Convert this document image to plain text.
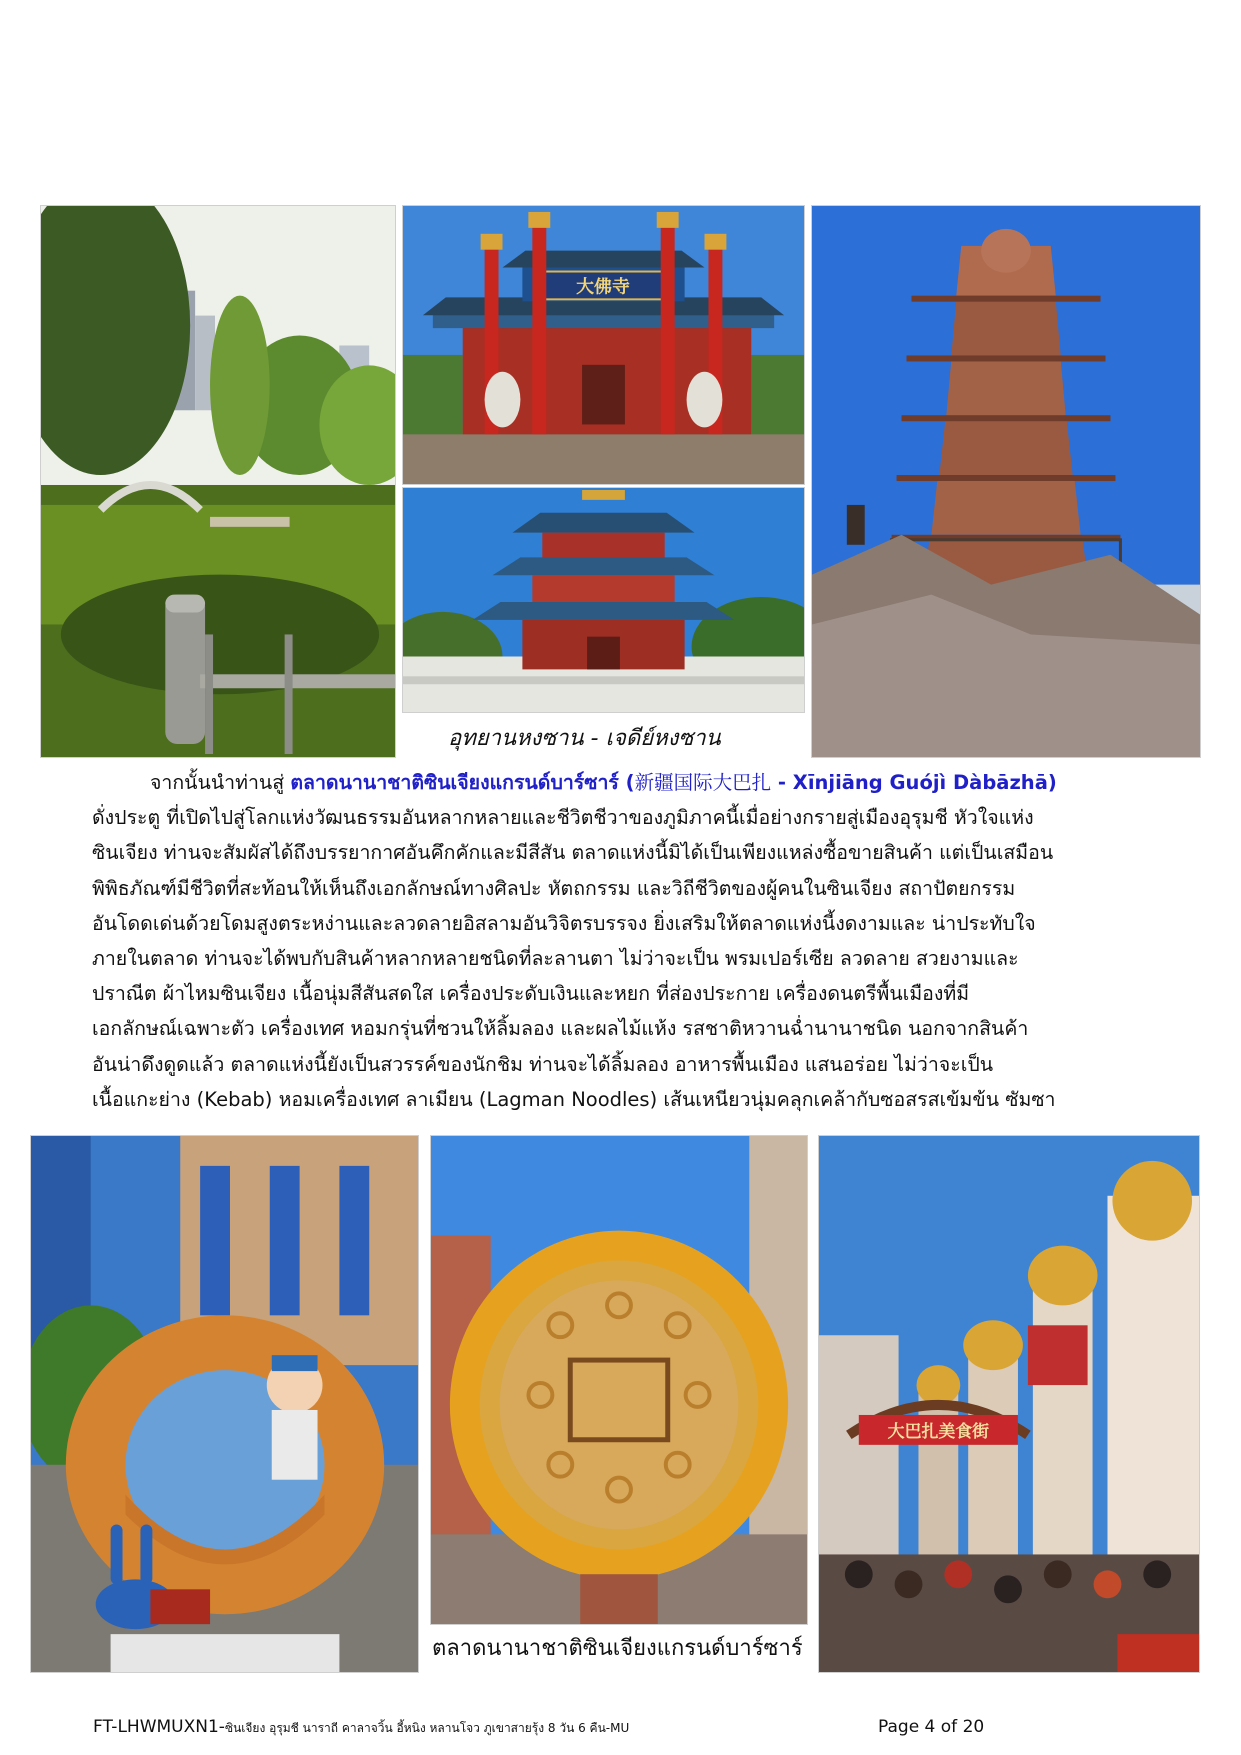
大佛寺
อุทยานหงซาน - เจดีย์หงซาน
จากนั้นนำท่านสู่ ตลาดนานาชาติซินเจียงแกรนด์บาร์ซาร์ (新疆国际大巴扎 - Xīnjiāng Guójì Dàbāzhā)
ดั่งประตู ที่เปิดไปสู่โลกแห่งวัฒนธรรมอันหลากหลายและชีวิตชีวาของภูมิภาคนี้เมื่อย่างกรายสู่เมืองอุรุมชี หัวใจแห่ง
ซินเจียง ท่านจะสัมผัสได้ถึงบรรยากาศอันคึกคักและมีสีสัน ตลาดแห่งนี้มิได้เป็นเพียงแหล่งซื้อขายสินค้า แต่เป็นเสมือน
พิพิธภัณฑ์มีชีวิตที่สะท้อนให้เห็นถึงเอกลักษณ์ทางศิลปะ หัตถกรรม และวิถีชีวิตของผู้คนในซินเจียง สถาปัตยกรรม
อันโดดเด่นด้วยโดมสูงตระหง่านและลวดลายอิสลามอันวิจิตรบรรจง ยิ่งเสริมให้ตลาดแห่งนี้งดงามและ น่าประทับใจ
ภายในตลาด ท่านจะได้พบกับสินค้าหลากหลายชนิดที่ละลานตา ไม่ว่าจะเป็น พรมเปอร์เซีย ลวดลาย สวยงามและ
ปราณีต ผ้าไหมซินเจียง เนื้อนุ่มสีสันสดใส เครื่องประดับเงินและหยก ที่ส่องประกาย เครื่องดนตรีพื้นเมืองที่มี
เอกลักษณ์เฉพาะตัว เครื่องเทศ หอมกรุ่นที่ชวนให้ลิ้มลอง และผลไม้แห้ง รสชาติหวานฉ่ำนานาชนิด นอกจากสินค้า
อันน่าดึงดูดแล้ว ตลาดแห่งนี้ยังเป็นสวรรค์ของนักชิม ท่านจะได้ลิ้มลอง อาหารพื้นเมือง แสนอร่อย ไม่ว่าจะเป็น
เนื้อแกะย่าง (Kebab) หอมเครื่องเทศ ลาเมียน (Lagman Noodles) เส้นเหนียวนุ่มคลุกเคล้ากับซอสรสเข้มข้น ซัมซา
大巴扎美食街
ตลาดนานาชาติซินเจียงแกรนด์บาร์ซาร์
FT-LHWMUXN1-ซินเจียง อุรุมชี นาราถี คาลาจวิ้น อี้หนิง หลานโจว ภูเขาสายรุ้ง 8 วัน 6 คืน-MU	Page 4 of 20
